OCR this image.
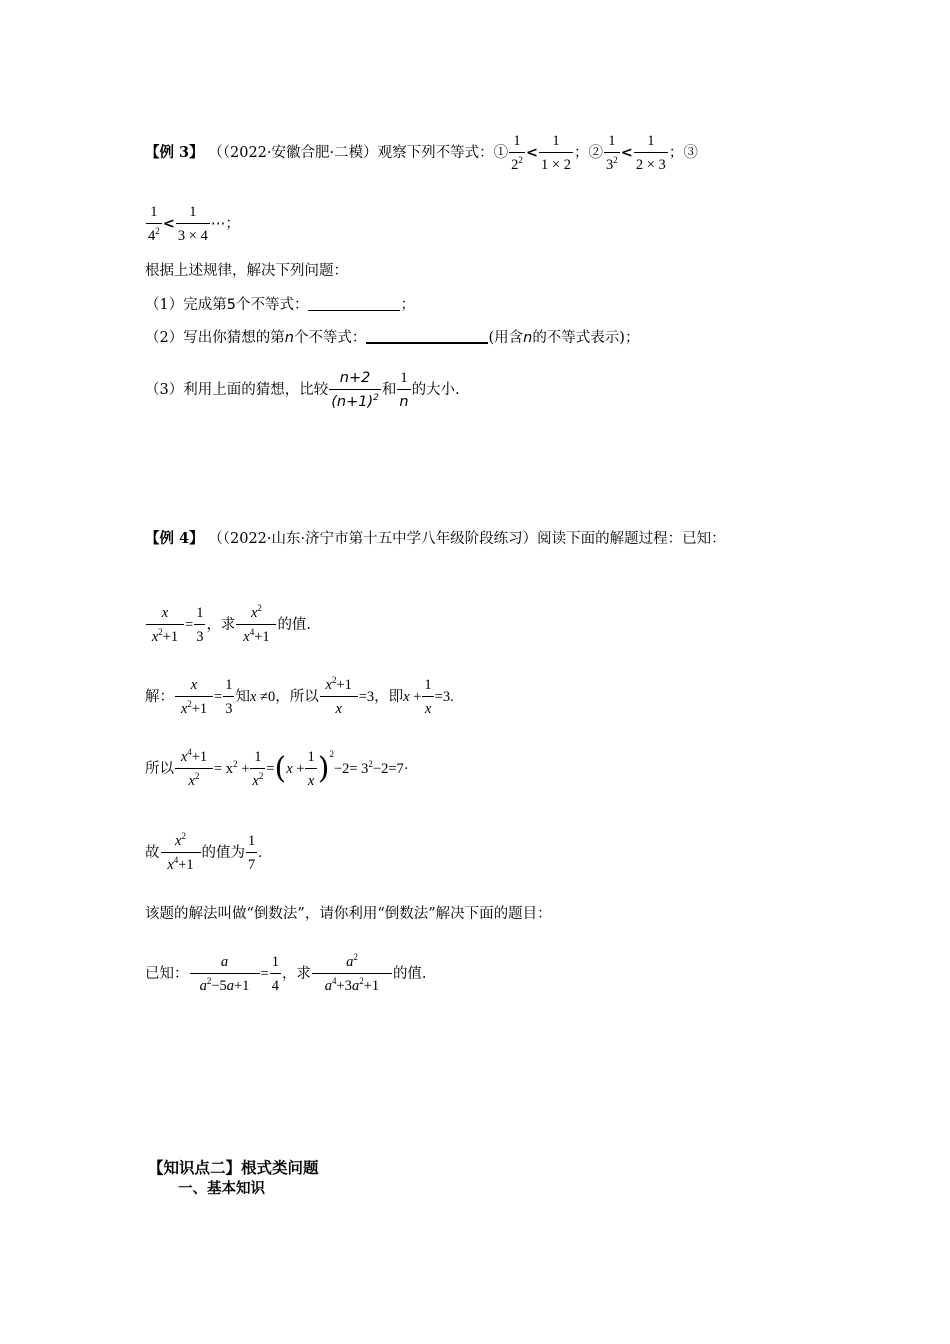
【例 3】 （（2022·安徽合肥·二模）观察下列不等式：① $\frac{1}{2^2} < \frac{1}{1 \times 2}$ ；② $\frac{1}{3^2} < \frac{1}{2 \times 3}$ ；③
$\frac{1}{4^2} < \frac{1}{3 \times 4}$ ⋯；
根据上述规律，解决下列问题：
（1）完成第5个不等式：	；
（2）写出你猜想的第n个不等式：	(用含n的不等式表示)；
（3）利用上面的猜想，比较 $\frac{n+2}{(n+1)^2}$ 和 $\frac{1}{n}$ 的大小.
【例 4】 （（2022·山东·济宁市第十五中学八年级阶段练习）阅读下面的解题过程：已知：
$\frac{x}{x^2+1} = \frac{1}{3}$ ，求 $\frac{x^2}{x^4+1}$ 的值.
解： $\frac{x}{x^2+1} = \frac{1}{3}$ 知x ≠0，所以 $\frac{x^2+1}{x} =3$，即$x + \frac{1}{x} =3$.
所以 $\frac{x^4+1}{x^2} = x^2 + \frac{1}{x^2} =(x + \frac{1}{x} )^2-2= 3^2-2=7\cdot$
故 $\frac{x^2}{x^4+1}$ 的值为 $\frac{1}{7}$ .
该题的解法叫做“倒数法”，请你利用“倒数法”解决下面的题目：
已知： $\frac{a}{a^2-5a+1} = \frac{1}{4}$ ，求 $\frac{a^2}{a^4+3a^2+1}$ 的值.
【知识点二】根式类问题
一、基本知识
